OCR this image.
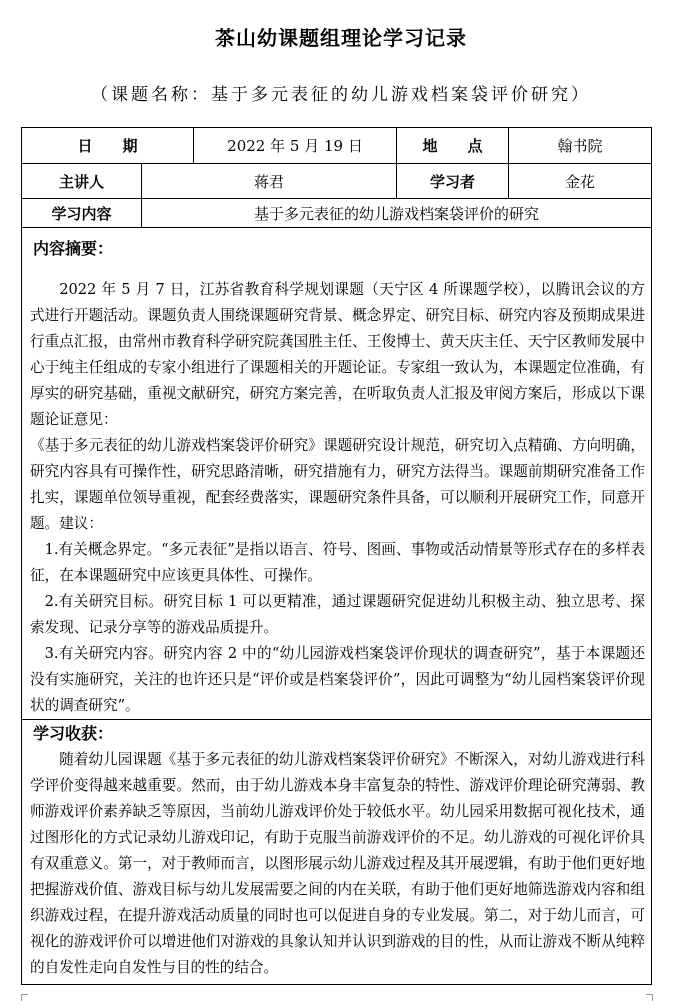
茶山幼课题组理论学习记录
（课题名称：基于多元表征的幼儿游戏档案袋评价研究）
日　　期	2022 年 5 月 19 日	地　　点	翰书院
主讲人	蒋君	学习者	金花
学习内容	基于多元表征的幼儿游戏档案袋评价的研究
内容摘要：

2022 年 5 月 7 日，江苏省教育科学规划课题（天宁区 4 所课题学校），以腾讯会议的方式进行开题活动。课题负责人围绕课题研究背景、概念界定、研究目标、研究内容及预期成果进行重点汇报，由常州市教育科学研究院龚国胜主任、王俊博士、黄天庆主任、天宁区教师发展中心于纯主任组成的专家小组进行了课题相关的开题论证。专家组一致认为，本课题定位准确，有厚实的研究基础，重视文献研究，研究方案完善，在听取负责人汇报及审阅方案后，形成以下课题论证意见：

《基于多元表征的幼儿游戏档案袋评价研究》课题研究设计规范，研究切入点精确、方向明确，研究内容具有可操作性，研究思路清晰，研究措施有力，研究方法得当。课题前期研究准备工作扎实，课题单位领导重视，配套经费落实，课题研究条件具备，可以顺利开展研究工作，同意开题。建议：

1.有关概念界定。“多元表征”是指以语言、符号、图画、事物或活动情景等形式存在的多样表征，在本课题研究中应该更具体性、可操作。

2.有关研究目标。研究目标 1 可以更精准，通过课题研究促进幼儿积极主动、独立思考、探索发现、记录分享等的游戏品质提升。

3.有关研究内容。研究内容 2 中的“幼儿园游戏档案袋评价现状的调查研究”，基于本课题还没有实施研究，关注的也许还只是“评价或是档案袋评价”，因此可调整为“幼儿园档案袋评价现状的调查研究”。

学习收获：

随着幼儿园课题《基于多元表征的幼儿游戏档案袋评价研究》不断深入，对幼儿游戏进行科学评价变得越来越重要。然而，由于幼儿游戏本身丰富复杂的特性、游戏评价理论研究薄弱、教师游戏评价素养缺乏等原因，当前幼儿游戏评价处于较低水平。幼儿园采用数据可视化技术，通过图形化的方式记录幼儿游戏印记，有助于克服当前游戏评价的不足。幼儿游戏的可视化评价具有双重意义。第一，对于教师而言，以图形展示幼儿游戏过程及其开展逻辑，有助于他们更好地把握游戏价值、游戏目标与幼儿发展需要之间的内在关联，有助于他们更好地筛选游戏内容和组织游戏过程，在提升游戏活动质量的同时也可以促进自身的专业发展。第二，对于幼儿而言，可视化的游戏评价可以增进他们对游戏的具象认知并认识到游戏的目的性，从而让游戏不断从纯粹的自发性走向自发性与目的性的结合。
